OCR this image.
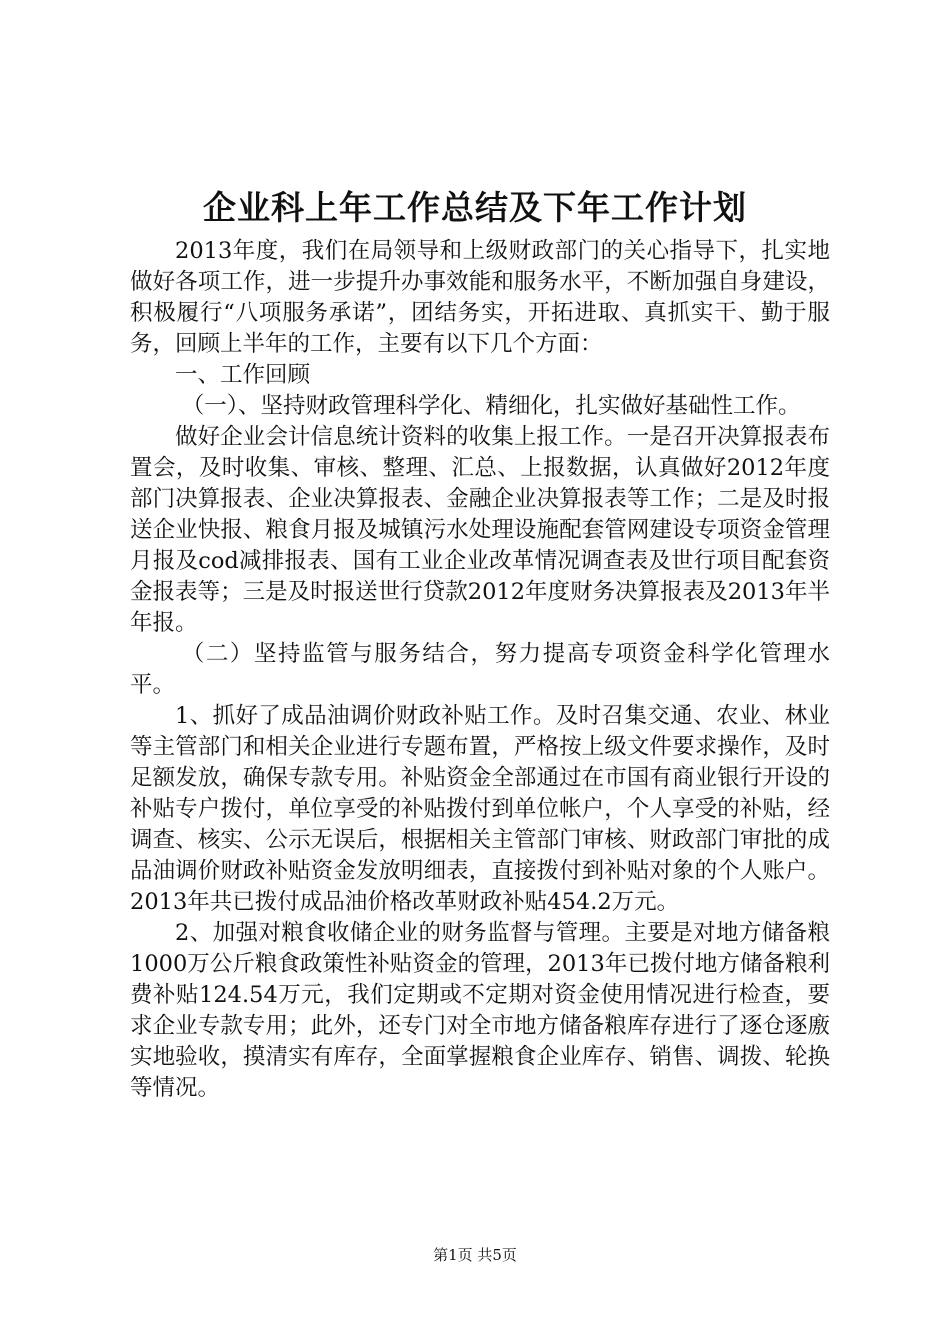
企业科上年工作总结及下年工作计划

2013年度，我们在局领导和上级财政部门的关心指导下，扎实地做好各项工作，进一步提升办事效能和服务水平，不断加强自身建设，积极履行“八项服务承诺”，团结务实，开拓进取、真抓实干、勤于服务，回顾上半年的工作，主要有以下几个方面：

一、工作回顾

（一）、坚持财政管理科学化、精细化，扎实做好基础性工作。

做好企业会计信息统计资料的收集上报工作。一是召开决算报表布置会，及时收集、审核、整理、汇总、上报数据，认真做好2012年度部门决算报表、企业决算报表、金融企业决算报表等工作；二是及时报送企业快报、粮食月报及城镇污水处理设施配套管网建设专项资金管理月报及cod减排报表、国有工业企业改革情况调查表及世行项目配套资金报表等；三是及时报送世行贷款2012年度财务决算报表及2013年半年报。

（二）坚持监管与服务结合，努力提高专项资金科学化管理水平。

1、抓好了成品油调价财政补贴工作。及时召集交通、农业、林业等主管部门和相关企业进行专题布置，严格按上级文件要求操作，及时足额发放，确保专款专用。补贴资金全部通过在市国有商业银行开设的补贴专户拨付，单位享受的补贴拨付到单位帐户，个人享受的补贴，经调查、核实、公示无误后，根据相关主管部门审核、财政部门审批的成品油调价财政补贴资金发放明细表，直接拨付到补贴对象的个人账户。2013年共已拨付成品油价格改革财政补贴454.2万元。

2、加强对粮食收储企业的财务监督与管理。主要是对地方储备粮1000万公斤粮食政策性补贴资金的管理，2013年已拨付地方储备粮利费补贴124.54万元，我们定期或不定期对资金使用情况进行检查，要求企业专款专用；此外，还专门对全市地方储备粮库存进行了逐仓逐廒实地验收，摸清实有库存，全面掌握粮食企业库存、销售、调拨、轮换等情况。

第1页 共5页
